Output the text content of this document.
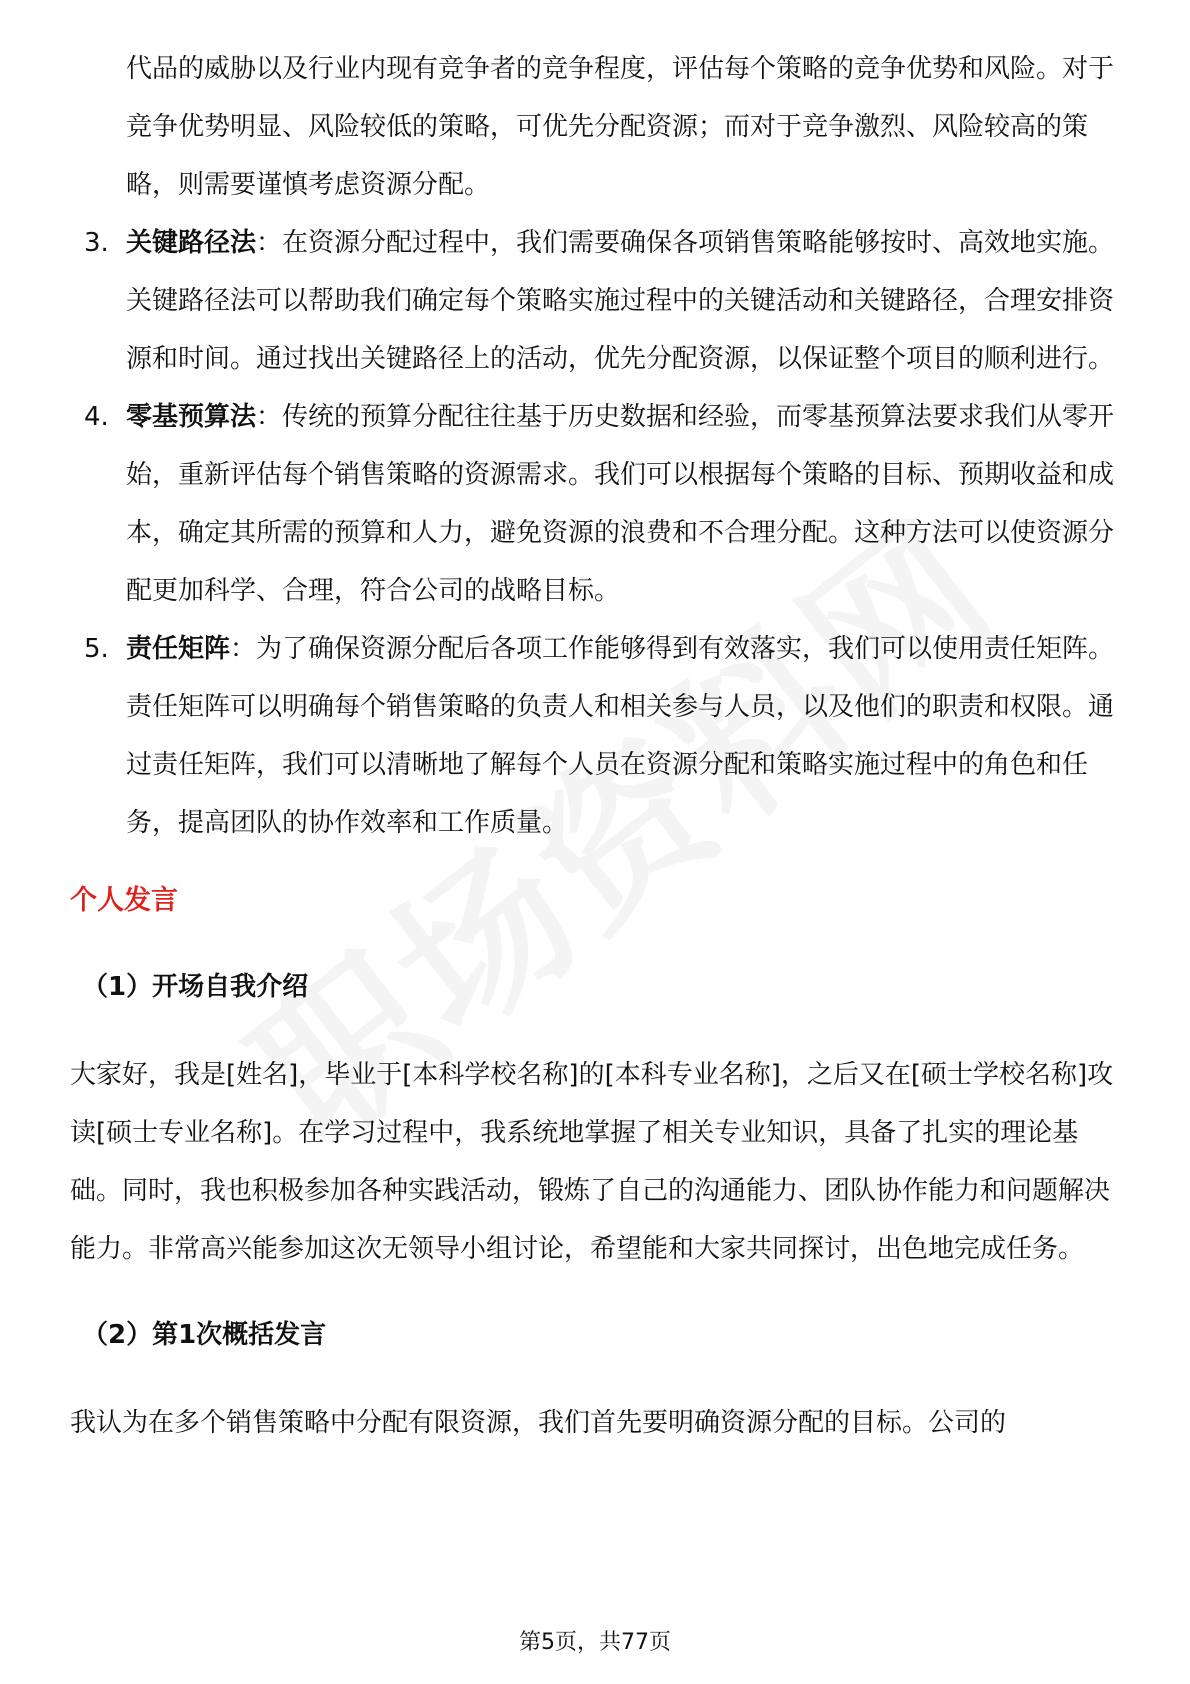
代品的威胁以及行业内现有竞争者的竞争程度，评估每个策略的竞争优势和风险。对于竞争优势明显、风险较低的策略，可优先分配资源；而对于竞争激烈、风险较高的策略，则需要谨慎考虑资源分配。

3. 关键路径法：在资源分配过程中，我们需要确保各项销售策略能够按时、高效地实施。关键路径法可以帮助我们确定每个策略实施过程中的关键活动和关键路径，合理安排资源和时间。通过找出关键路径上的活动，优先分配资源，以保证整个项目的顺利进行。

4. 零基预算法：传统的预算分配往往基于历史数据和经验，而零基预算法要求我们从零开始，重新评估每个销售策略的资源需求。我们可以根据每个策略的目标、预期收益和成本，确定其所需的预算和人力，避免资源的浪费和不合理分配。这种方法可以使资源分配更加科学、合理，符合公司的战略目标。

5. 责任矩阵：为了确保资源分配后各项工作能够得到有效落实，我们可以使用责任矩阵。责任矩阵可以明确每个销售策略的负责人和相关参与人员，以及他们的职责和权限。通过责任矩阵，我们可以清晰地了解每个人员在资源分配和策略实施过程中的角色和任务，提高团队的协作效率和工作质量。

个人发言
（1）开场自我介绍

大家好，我是[姓名]，毕业于[本科学校名称]的[本科专业名称]，之后又在[硕士学校名称]攻读[硕士专业名称]。在学习过程中，我系统地掌握了相关专业知识，具备了扎实的理论基础。同时，我也积极参加各种实践活动，锻炼了自己的沟通能力、团队协作能力和问题解决能力。非常高兴能参加这次无领导小组讨论，希望能和大家共同探讨，出色地完成任务。

（2）第1次概括发言

我认为在多个销售策略中分配有限资源，我们首先要明确资源分配的目标。公司的

第5页，共77页
